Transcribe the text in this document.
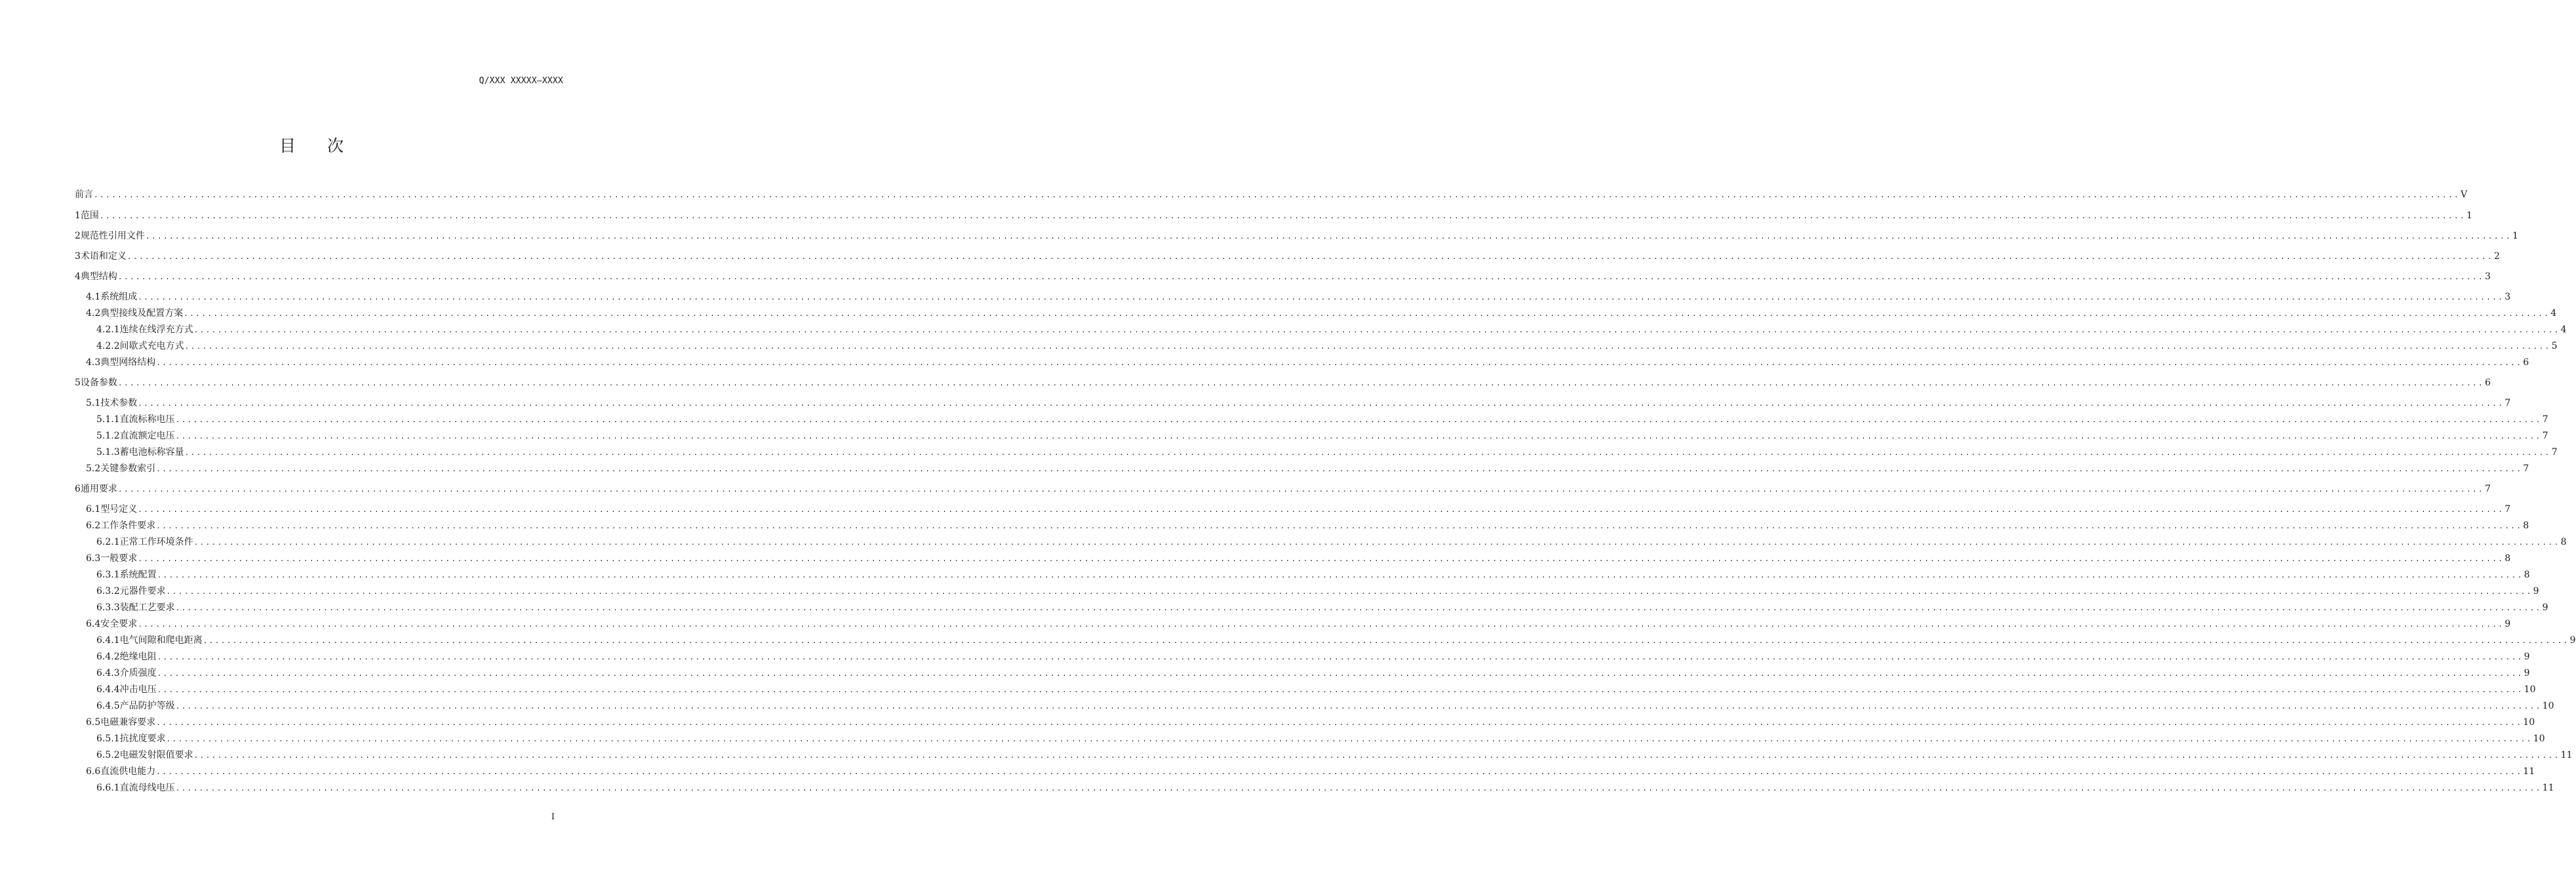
Q/XXX XXXXX—XXXX
目次
前 言 ................................................................................................................................................................................................................................................................................................................................................................................................................ V
1 范围 ................................................................................................................................................................................................................................................................................................................................................................................................................ 1
2 规范性引用文件 ................................................................................................................................................................................................................................................................................................................................................................................................................ 1
3 术语和定义 ................................................................................................................................................................................................................................................................................................................................................................................................................ 2
4 典型结构 ................................................................................................................................................................................................................................................................................................................................................................................................................ 3
4.1 系统组成 ................................................................................................................................................................................................................................................................................................................................................................................................................ 3
4.2 典型接线及配置方案 ................................................................................................................................................................................................................................................................................................................................................................................................................ 4
4.2.1 连续在线浮充方式 ................................................................................................................................................................................................................................................................................................................................................................................................................ 4
4.2.2 间歇式充电方式 ................................................................................................................................................................................................................................................................................................................................................................................................................ 5
4.3 典型网络结构 ................................................................................................................................................................................................................................................................................................................................................................................................................ 6
5 设备参数 ................................................................................................................................................................................................................................................................................................................................................................................................................ 6
5.1 技术参数 ................................................................................................................................................................................................................................................................................................................................................................................................................ 7
5.1.1 直流标称电压 ................................................................................................................................................................................................................................................................................................................................................................................................................ 7
5.1.2 直流额定电压 ................................................................................................................................................................................................................................................................................................................................................................................................................ 7
5.1.3 蓄电池标称容量 ................................................................................................................................................................................................................................................................................................................................................................................................................ 7
5.2 关键参数索引 ................................................................................................................................................................................................................................................................................................................................................................................................................ 7
6 通用要求 ................................................................................................................................................................................................................................................................................................................................................................................................................ 7
6.1 型号定义 ................................................................................................................................................................................................................................................................................................................................................................................................................ 7
6.2 工作条件要求 ................................................................................................................................................................................................................................................................................................................................................................................................................ 8
6.2.1 正常工作环境条件 ................................................................................................................................................................................................................................................................................................................................................................................................................ 8
6.3 一般要求 ................................................................................................................................................................................................................................................................................................................................................................................................................ 8
6.3.1 系统配置 ................................................................................................................................................................................................................................................................................................................................................................................................................ 8
6.3.2 元器件要求 ................................................................................................................................................................................................................................................................................................................................................................................................................ 9
6.3.3 装配工艺要求 ................................................................................................................................................................................................................................................................................................................................................................................................................ 9
6.4 安全要求 ................................................................................................................................................................................................................................................................................................................................................................................................................ 9
6.4.1 电气间隙和爬电距离 ................................................................................................................................................................................................................................................................................................................................................................................................................ 9
6.4.2 绝缘电阻 ................................................................................................................................................................................................................................................................................................................................................................................................................ 9
6.4.3 介质强度 ................................................................................................................................................................................................................................................................................................................................................................................................................ 9
6.4.4 冲击电压 ................................................................................................................................................................................................................................................................................................................................................................................................................ 10
6.4.5 产品防护等级 ................................................................................................................................................................................................................................................................................................................................................................................................................ 10
6.5 电磁兼容要求 ................................................................................................................................................................................................................................................................................................................................................................................................................ 10
6.5.1 抗扰度要求 ................................................................................................................................................................................................................................................................................................................................................................................................................ 10
6.5.2 电磁发射限值要求 ................................................................................................................................................................................................................................................................................................................................................................................................................ 11
6.6 直流供电能力 ................................................................................................................................................................................................................................................................................................................................................................................................................ 11
6.6.1 直流母线电压 ................................................................................................................................................................................................................................................................................................................................................................................................................ 11
I
